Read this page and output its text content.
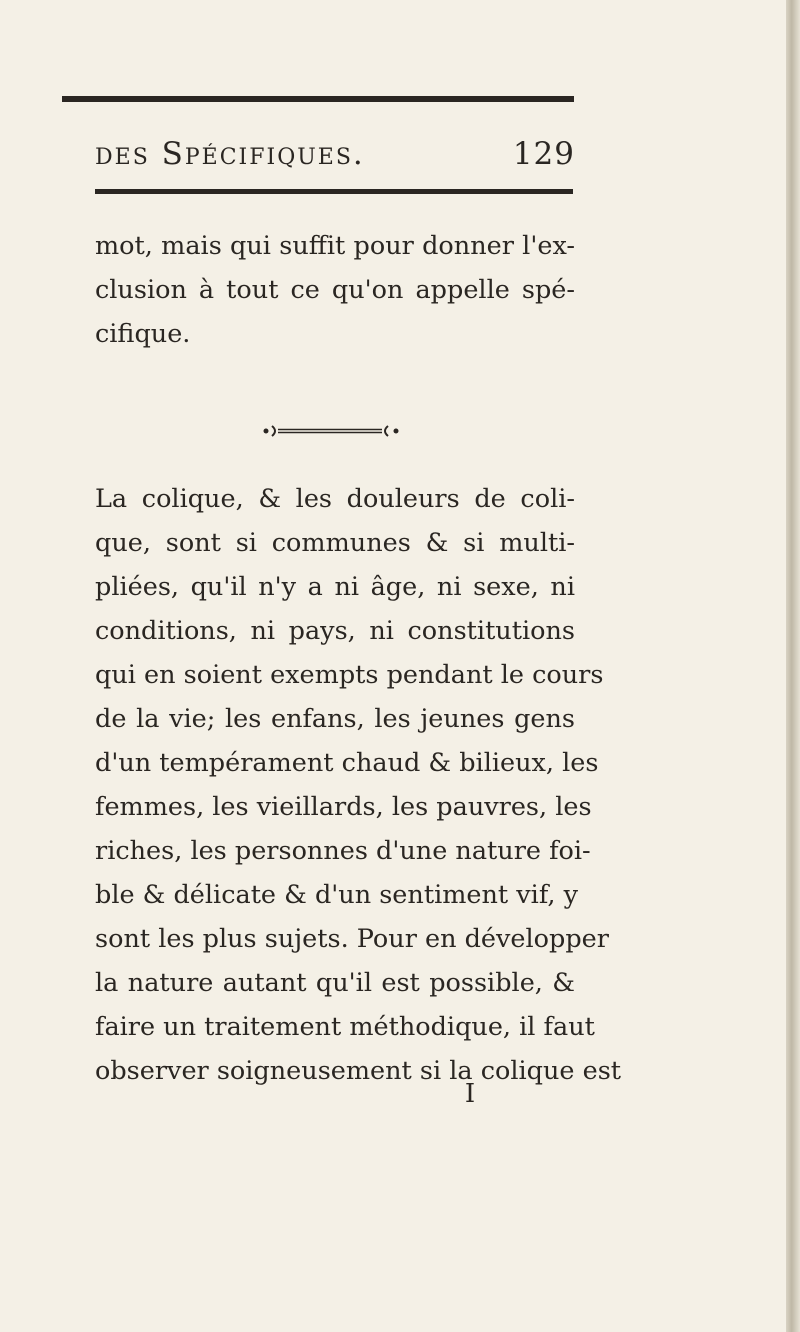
des Spécifiques.	129
mot, mais qui suffit pour donner l'ex-
clusion à tout ce qu'on appelle spé-
cifique.
La colique, & les douleurs de coli-
que, sont si communes & si multi-
pliées, qu'il n'y a ni âge, ni sexe, ni
conditions, ni pays, ni constitutions
qui en soient exempts pendant le cours
de la vie; les enfans, les jeunes gens
d'un tempérament chaud & bilieux, les
femmes, les vieillards, les pauvres, les
riches, les personnes d'une nature foi-
ble & délicate & d'un sentiment vif, y
sont les plus sujets. Pour en développer
la nature autant qu'il est possible, &
faire un traitement méthodique, il faut
observer soigneusement si la colique est
I
